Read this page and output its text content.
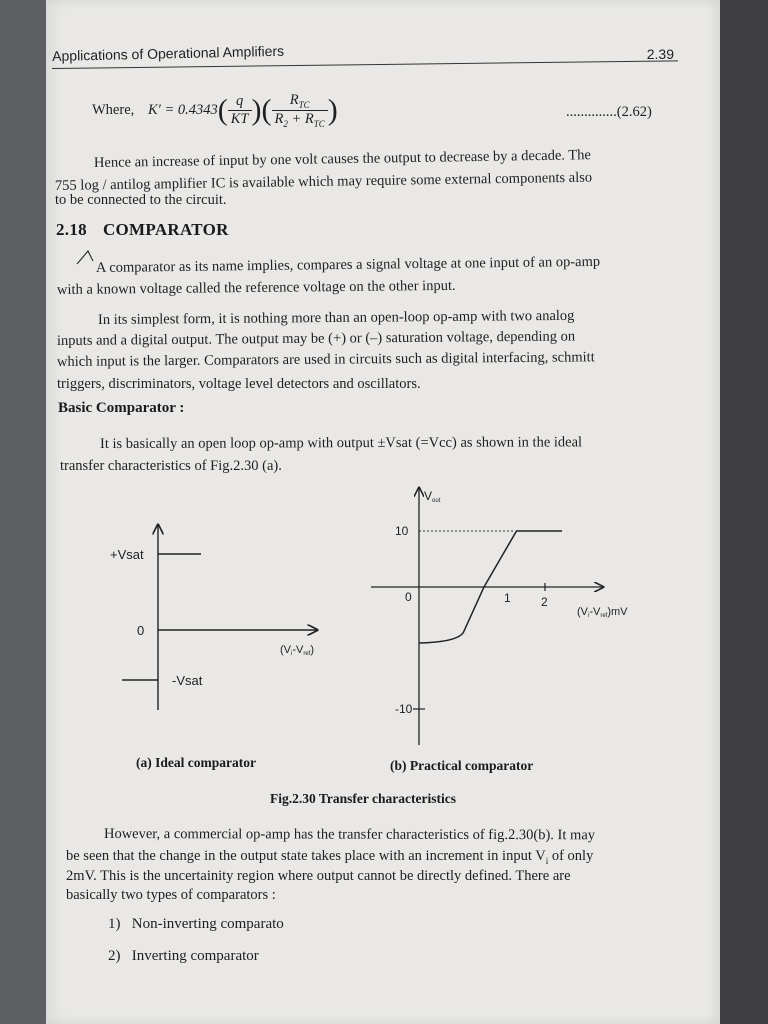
Applications of Operational Amplifiers	2.39
Where, $K' = 0.4343( \frac{q}{KT}$ )( $\frac{R_{TC}}{R_2 + R_{TC}}$ )	..............(2.62)
Hence an increase of input by one volt causes the output to decrease by a decade. The
755 log / antilog amplifier IC is available which may require some external components also
to be connected to the circuit.
2.18 COMPARATOR
A comparator as its name implies, compares a signal voltage at one input of an op-amp
with a known voltage called the reference voltage on the other input.
In its simplest form, it is nothing more than an open-loop op-amp with two analog
inputs and a digital output. The output may be (+) or (–) saturation voltage, depending on
which input is the larger. Comparators are used in circuits such as digital interfacing, schmitt
triggers, discriminators, voltage level detectors and oscillators.
Basic Comparator :
It is basically an open loop op-amp with output ±Vsat (=Vcc) as shown in the ideal
transfer characteristics of Fig.2.30 (a).
+Vsat
0
-Vsat
(Vi-Vref)
Vout
10
0
-10
1	2
(Vi-Vref)mV
(a) Ideal comparator	(b) Practical comparator
Fig.2.30 Transfer characteristics
However, a commercial op-amp has the transfer characteristics of fig.2.30(b). It may
be seen that the change in the output state takes place with an increment in input $V_i$ of only
2mV. This is the uncertainity region where output cannot be directly defined. There are
basically two types of comparators :
1) Non-inverting comparato
2) Inverting comparator
